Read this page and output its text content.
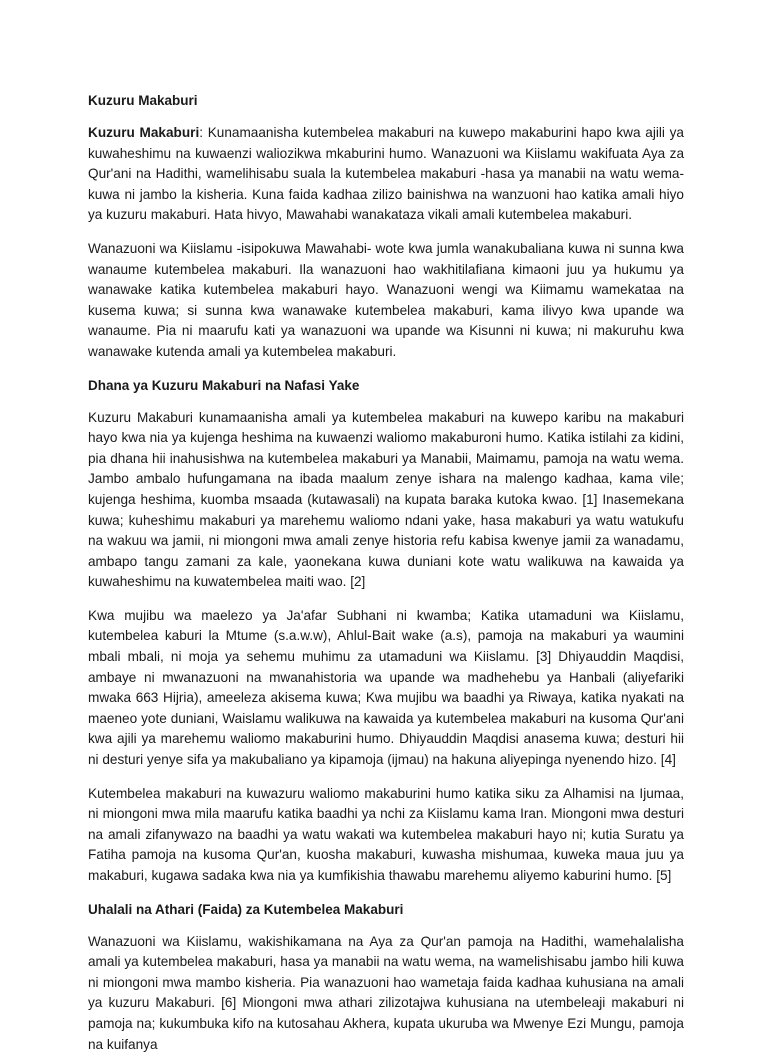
Kuzuru Makaburi

Kuzuru Makaburi: Kunamaanisha kutembelea makaburi na kuwepo makaburini hapo kwa ajili ya kuwaheshimu na kuwaenzi waliozikwa mkaburini humo. Wanazuoni wa Kiislamu wakifuata Aya za Qur'ani na Hadithi, wamelihisabu suala la kutembelea makaburi -hasa ya manabii na watu wema- kuwa ni jambo la kisheria. Kuna faida kadhaa zilizo bainishwa na wanzuoni hao katika amali hiyo ya kuzuru makaburi. Hata hivyo, Mawahabi wanakataza vikali amali kutembelea makaburi.

Wanazuoni wa Kiislamu -isipokuwa Mawahabi- wote kwa jumla wanakubaliana kuwa ni sunna kwa wanaume kutembelea makaburi. Ila wanazuoni hao wakhitilafiana kimaoni juu ya hukumu ya wanawake katika kutembelea makaburi hayo. Wanazuoni wengi wa Kiimamu wamekataa na kusema kuwa; si sunna kwa wanawake kutembelea makaburi, kama ilivyo kwa upande wa wanaume. Pia ni maarufu kati ya wanazuoni wa upande wa Kisunni ni kuwa; ni makuruhu kwa wanawake kutenda amali ya kutembelea makaburi.

Dhana ya Kuzuru Makaburi na Nafasi Yake

Kuzuru Makaburi kunamaanisha amali ya kutembelea makaburi na kuwepo karibu na makaburi hayo kwa nia ya kujenga heshima na kuwaenzi waliomo makaburoni humo. Katika istilahi za kidini, pia dhana hii inahusishwa na kutembelea makaburi ya Manabii, Maimamu, pamoja na watu wema. Jambo ambalo hufungamana na ibada maalum zenye ishara na malengo kadhaa, kama vile; kujenga heshima, kuomba msaada (kutawasali) na kupata baraka kutoka kwao. [1] Inasemekana kuwa; kuheshimu makaburi ya marehemu waliomo ndani yake, hasa makaburi ya watu watukufu na wakuu wa jamii, ni miongoni mwa amali zenye historia refu kabisa kwenye jamii za wanadamu, ambapo tangu zamani za kale, yaonekana kuwa duniani kote watu walikuwa na kawaida ya kuwaheshimu na kuwatembelea maiti wao. [2]

Kwa mujibu wa maelezo ya Ja'afar Subhani ni kwamba; Katika utamaduni wa Kiislamu, kutembelea kaburi la Mtume (s.a.w.w), Ahlul-Bait wake (a.s), pamoja na makaburi ya waumini mbali mbali, ni moja ya sehemu muhimu za utamaduni wa Kiislamu. [3] Dhiyauddin Maqdisi, ambaye ni mwanazuoni na mwanahistoria wa upande wa madhehebu ya Hanbali (aliyefariki mwaka 663 Hijria), ameeleza akisema kuwa; Kwa mujibu wa baadhi ya Riwaya, katika nyakati na maeneo yote duniani, Waislamu walikuwa na kawaida ya kutembelea makaburi na kusoma Qur'ani kwa ajili ya marehemu waliomo makaburini humo. Dhiyauddin Maqdisi anasema kuwa; desturi hii ni desturi yenye sifa ya makubaliano ya kipamoja (ijmau) na hakuna aliyepinga nyenendo hizo. [4]

Kutembelea makaburi na kuwazuru waliomo makaburini humo katika siku za Alhamisi na Ijumaa, ni miongoni mwa mila maarufu katika baadhi ya nchi za Kiislamu kama Iran. Miongoni mwa desturi na amali zifanywazo na baadhi ya watu wakati wa kutembelea makaburi hayo ni; kutia Suratu ya Fatiha pamoja na kusoma Qur'an, kuosha makaburi, kuwasha mishumaa, kuweka maua juu ya makaburi, kugawa sadaka kwa nia ya kumfikishia thawabu marehemu aliyemo kaburini humo. [5]

Uhalali na Athari (Faida) za Kutembelea Makaburi

Wanazuoni wa Kiislamu, wakishikamana na Aya za Qur'an pamoja na Hadithi, wamehalalisha amali ya kutembelea makaburi, hasa ya manabii na watu wema, na wamelishisabu jambo hili kuwa ni miongoni mwa mambo kisheria. Pia wanazuoni hao wametaja faida kadhaa kuhusiana na amali ya kuzuru Makaburi. [6] Miongoni mwa athari zilizotajwa kuhusiana na utembeleaji makaburi ni pamoja na; kukumbuka kifo na kutosahau Akhera, kupata ukuruba wa Mwenye Ezi Mungu, pamoja na kuifanya
